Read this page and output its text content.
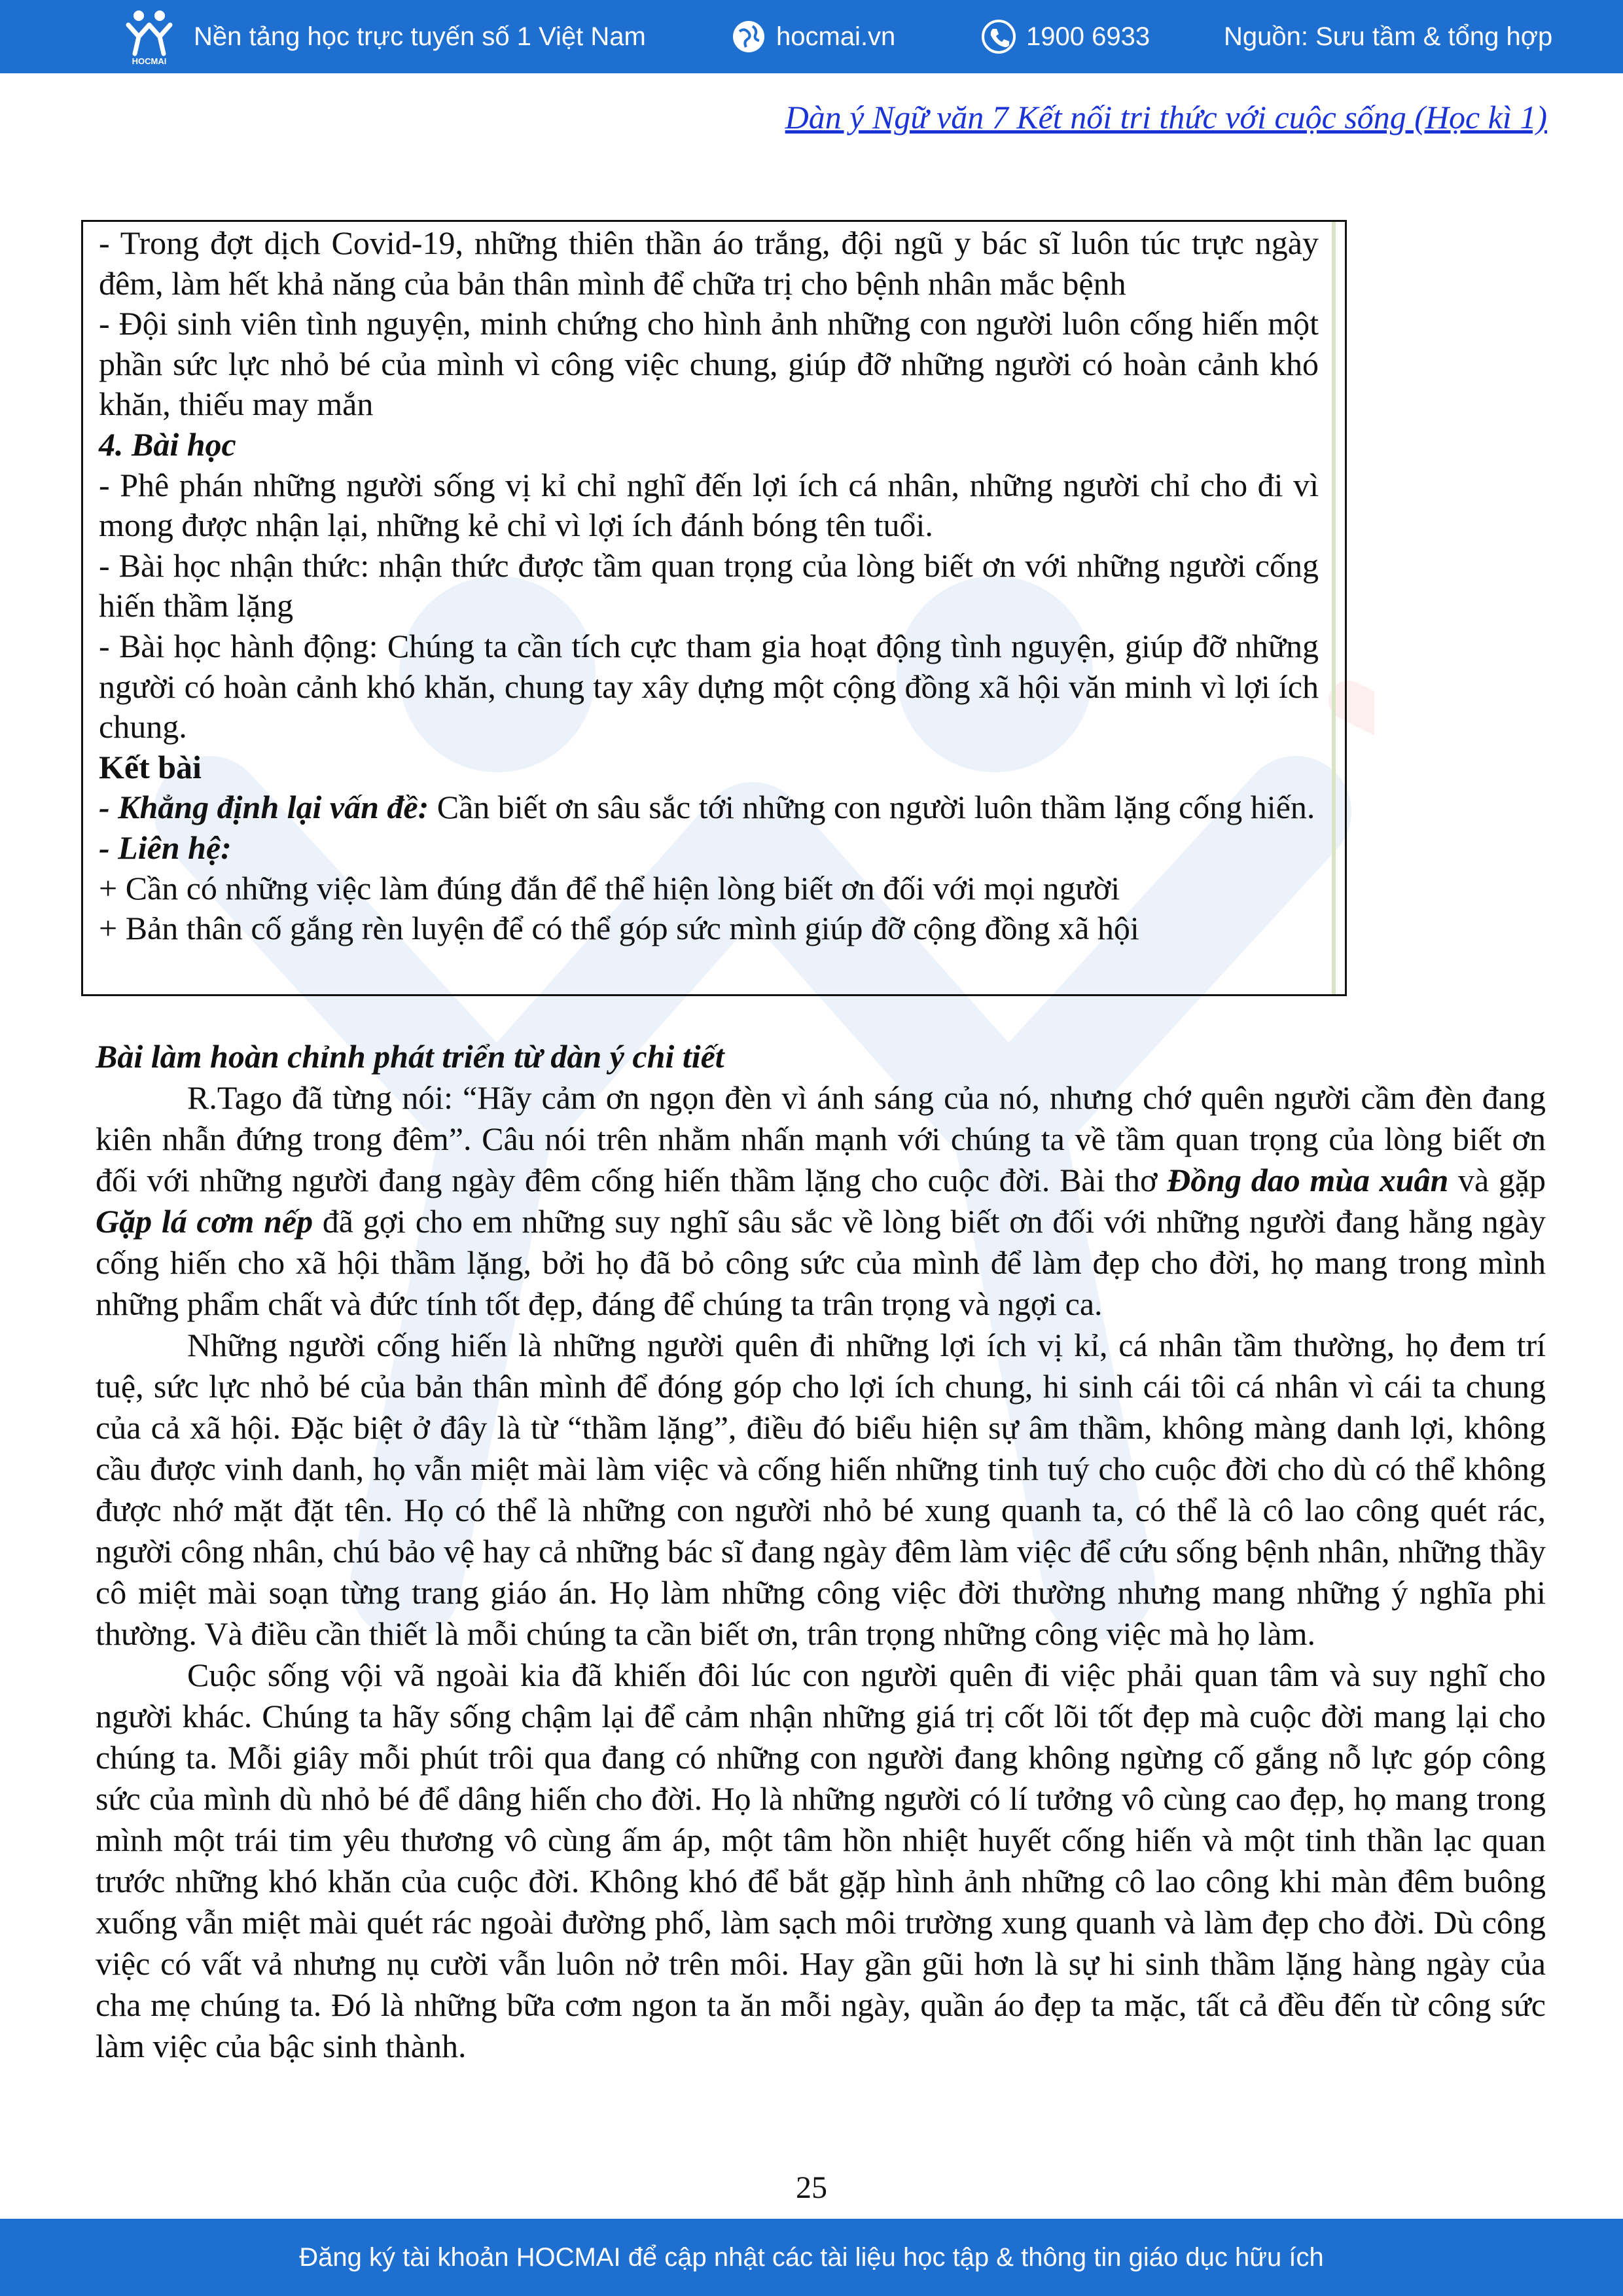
HOCMAI
Nền tảng học trực tuyến số 1 Việt Nam	hocmai.vn	1900 6933	Nguồn: Sưu tầm & tổng hợp
Dàn ý Ngữ văn 7 Kết nối tri thức với cuộc sống (Học kì 1)

- Trong đợt dịch Covid-19, những thiên thần áo trắng, đội ngũ y bác sĩ luôn túc trực ngày đêm, làm hết khả năng của bản thân mình để chữa trị cho bệnh nhân mắc bệnh

- Đội sinh viên tình nguyện, minh chứng cho hình ảnh những con người luôn cống hiến một phần sức lực nhỏ bé của mình vì công việc chung, giúp đỡ những người có hoàn cảnh khó khăn, thiếu may mắn

4. Bài học

- Phê phán những người sống vị kỉ chỉ nghĩ đến lợi ích cá nhân, những người chỉ cho đi vì mong được nhận lại, những kẻ chỉ vì lợi ích đánh bóng tên tuổi.

- Bài học nhận thức: nhận thức được tầm quan trọng của lòng biết ơn với những người cống hiến thầm lặng

- Bài học hành động: Chúng ta cần tích cực tham gia hoạt động tình nguyện, giúp đỡ những người có hoàn cảnh khó khăn, chung tay xây dựng một cộng đồng xã hội văn minh vì lợi ích chung.

Kết bài

- Khẳng định lại vấn đề: Cần biết ơn sâu sắc tới những con người luôn thầm lặng cống hiến.

- Liên hệ:

+ Cần có những việc làm đúng đắn để thể hiện lòng biết ơn đối với mọi người

+ Bản thân cố gắng rèn luyện để có thể góp sức mình giúp đỡ cộng đồng xã hội

Bài làm hoàn chỉnh phát triển từ dàn ý chi tiết

R.Tago đã từng nói: “Hãy cảm ơn ngọn đèn vì ánh sáng của nó, nhưng chớ quên người cầm đèn đang kiên nhẫn đứng trong đêm”. Câu nói trên nhằm nhấn mạnh với chúng ta về tầm quan trọng của lòng biết ơn đối với những người đang ngày đêm cống hiến thầm lặng cho cuộc đời. Bài thơ Đồng dao mùa xuân và gặp Gặp lá cơm nếp đã gợi cho em những suy nghĩ sâu sắc về lòng biết ơn đối với những người đang hằng ngày cống hiến cho xã hội thầm lặng, bởi họ đã bỏ công sức của mình để làm đẹp cho đời, họ mang trong mình những phẩm chất và đức tính tốt đẹp, đáng để chúng ta trân trọng và ngợi ca.

Những người cống hiến là những người quên đi những lợi ích vị kỉ, cá nhân tầm thường, họ đem trí tuệ, sức lực nhỏ bé của bản thân mình để đóng góp cho lợi ích chung, hi sinh cái tôi cá nhân vì cái ta chung của cả xã hội. Đặc biệt ở đây là từ “thầm lặng”, điều đó biểu hiện sự âm thầm, không màng danh lợi, không cầu được vinh danh, họ vẫn miệt mài làm việc và cống hiến những tinh tuý cho cuộc đời cho dù có thể không được nhớ mặt đặt tên. Họ có thể là những con người nhỏ bé xung quanh ta, có thể là cô lao công quét rác, người công nhân, chú bảo vệ hay cả những bác sĩ đang ngày đêm làm việc để cứu sống bệnh nhân, những thầy cô miệt mài soạn từng trang giáo án. Họ làm những công việc đời thường nhưng mang những ý nghĩa phi thường. Và điều cần thiết là mỗi chúng ta cần biết ơn, trân trọng những công việc mà họ làm.

Cuộc sống vội vã ngoài kia đã khiến đôi lúc con người quên đi việc phải quan tâm và suy nghĩ cho người khác. Chúng ta hãy sống chậm lại để cảm nhận những giá trị cốt lõi tốt đẹp mà cuộc đời mang lại cho chúng ta. Mỗi giây mỗi phút trôi qua đang có những con người đang không ngừng cố gắng nỗ lực góp công sức của mình dù nhỏ bé để dâng hiến cho đời. Họ là những người có lí tưởng vô cùng cao đẹp, họ mang trong mình một trái tim yêu thương vô cùng ấm áp, một tâm hồn nhiệt huyết cống hiến và một tinh thần lạc quan trước những khó khăn của cuộc đời. Không khó để bắt gặp hình ảnh những cô lao công khi màn đêm buông xuống vẫn miệt mài quét rác ngoài đường phố, làm sạch môi trường xung quanh và làm đẹp cho đời. Dù công việc có vất vả nhưng nụ cười vẫn luôn nở trên môi. Hay gần gũi hơn là sự hi sinh thầm lặng hàng ngày của cha mẹ chúng ta. Đó là những bữa cơm ngon ta ăn mỗi ngày, quần áo đẹp ta mặc, tất cả đều đến từ công sức làm việc của bậc sinh thành.

25
Đăng ký tài khoản HOCMAI để cập nhật các tài liệu học tập & thông tin giáo dục hữu ích
